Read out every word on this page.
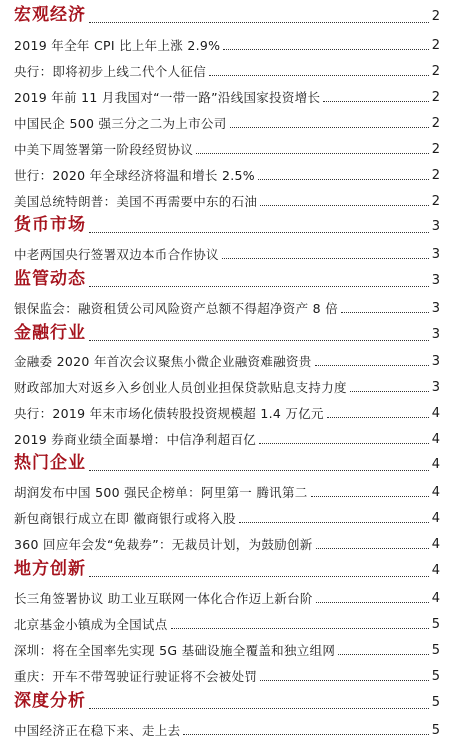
宏观经济	2
2019 年全年 CPI 比上年上涨 2.9%	2
央行：即将初步上线二代个人征信	2
2019 年前 11 月我国对“一带一路”沿线国家投资增长	2
中国民企 500 强三分之二为上市公司	2
中美下周签署第一阶段经贸协议	2
世行：2020 年全球经济将温和增长 2.5%	2
美国总统特朗普：美国不再需要中东的石油	2
货币市场	3
中老两国央行签署双边本币合作协议	3
监管动态	3
银保监会：融资租赁公司风险资产总额不得超净资产 8 倍	3
金融行业	3
金融委 2020 年首次会议聚焦小微企业融资难融资贵	3
财政部加大对返乡入乡创业人员创业担保贷款贴息支持力度	3
央行：2019 年末市场化债转股投资规模超 1.4 万亿元	4
2019 券商业绩全面暴增：中信净利超百亿	4
热门企业	4
胡润发布中国 500 强民企榜单：阿里第一 腾讯第二	4
新包商银行成立在即 徽商银行或将入股	4
360 回应年会发“免裁券”：无裁员计划，为鼓励创新	4
地方创新	4
长三角签署协议 助工业互联网一体化合作迈上新台阶	4
北京基金小镇成为全国试点	5
深圳：将在全国率先实现 5G 基础设施全覆盖和独立组网	5
重庆：开车不带驾驶证行驶证将不会被处罚	5
深度分析	5
中国经济正在稳下来、走上去	5
